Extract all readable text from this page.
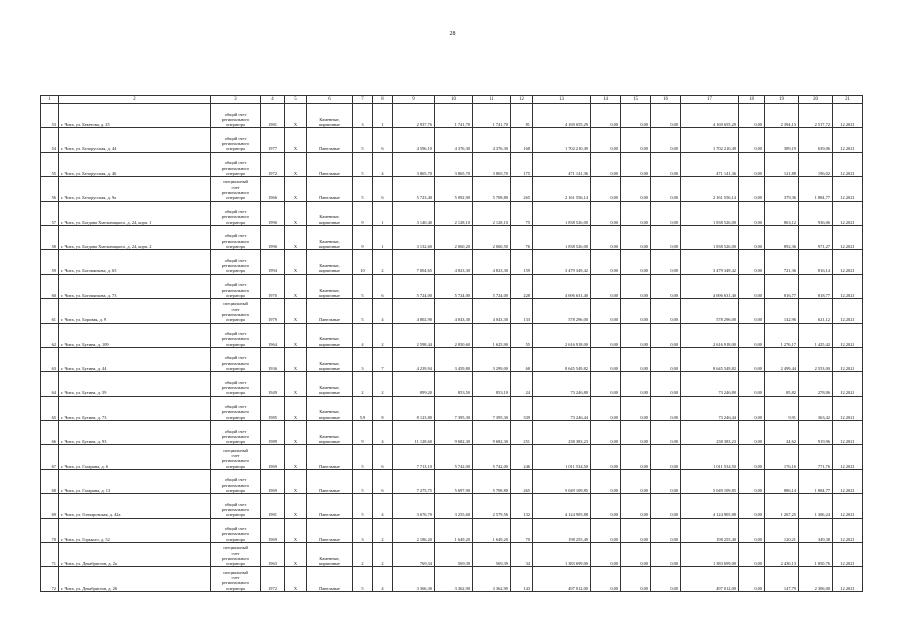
28
1	2	3	4	5	6	7	8	9	10	11	12	13	14	15	16	17	18	19	20	21
53	г. Чита, ул. Бекетова, д. 25	общий счет
регионального
оператора	1981	X	Каменные,
кирпичные	3	1	2 937,76	1 741,70	1 741,70	81	4 169 655,29	0,00	0,00	0,00	4 169 655,29	0,00	2 394,13	2 517,72	12.2021
54	г. Чита, ул. Белорусская, д. 44	общий счет
регионального
оператора	1977	X	Панельные	5	6	4 596,10	4 376,30	4 376,30	168	1 702 210,49	0,00	0,00	0,00	1 702 210,49	0,00	389,19	639,06	12.2021
55	г. Чита, ул. Белорусская, д. 46	общий счет
регионального
оператора	1972	X	Панельные	5	4	3 865,70	3 865,70	3 865,70	175	471 141,36	0,00	0,00	0,00	471 141,36	0,00	121,88	196,02	12.2021
56	г. Чита, ул. Белорусская, д. 9а	специальный
счет
регионального
оператора	1966	X	Панельные	5	6	5 723,40	5 092,90	5 708,80	265	2 161 556,14	0,00	0,00	0,00	2 161 556,14	0,00	379,36	1 884,77	12.2021
57	г. Чита, ул. Богдана Хмельницкого, д. 24, корп. 1	общий счет
регионального
оператора	1996	X	Каменные,
кирпичные	9	1	3 140,40	2 128,10	2 128,10	75	1 838 526,00	0,00	0,00	0,00	1 838 526,00	0,00	863,12	936,06	12.2021
58	г. Чита, ул. Богдана Хмельницкого, д. 24, корп. 2	общий счет
регионального
оператора	1996	X	Каменные,
кирпичные	9	1	3 132,60	2 060,20	2 060,50	76	1 838 526,00	0,00	0,00	0,00	1 838 526,00	0,00	892,36	971,27	12.2021
59	г. Чита, ул. Богомягкова, д. 65	общий счет
регионального
оператора	1994	X	Каменные,
кирпичные	10	2	7 004,65	4 823,30	4 823,30	159	3 479 349,42	0,00	0,00	0,00	3 479 349,42	0,00	721,36	816,14	12.2021
60	г. Чита, ул. Богомягкова, д. 73	общий счет
регионального
оператора	1970	X	Каменные,
кирпичные	5	6	5 724,00	5 724,00	5 724,00	228	4 696 631,40	0,00	0,00	0,00	4 696 631,40	0,00	816,77	818,77	12.2021
61	г. Чита, ул. Боровая, д. 9	специальный
счет
регионального
оператора	1979	X	Панельные	5	4	4 802,90	4 043,30	4 043,30	133	578 296,00	0,00	0,00	0,00	578 296,00	0,00	142,96	621,12	12.2021
62	г. Чита, ул. Бутина, д. 109	общий счет
регионального
оператора	1964	X	Каменные,
кирпичные	4	2	2 598,44	2 050,60	1 625,90	55	2 616 918,00	0,00	0,00	0,00	2 616 918,00	0,00	1 276,17	1 425,42	12.2021
63	г. Чита, ул. Бутина, д. 44	общий счет
регионального
оператора	1936	X	Каменные,
кирпичные	3	7	4 239,94	3 459,80	3 299,00	68	8 645 549,82	0,00	0,00	0,00	8 645 549,82	0,00	2 499,44	2 553,00	12.2021
64	г. Чита, ул. Бутина, д. 59	общий счет
регионального
оператора	1949	X	Каменные,
кирпичные	2	2	899,20	853,50	853,10	24	73 246,80	0,00	0,00	0,00	73 246,80	0,00	85,82	278,06	12.2021
65	г. Чита, ул. Бутина, д. 73	общий счет
регионального
оператора	1985	X	Каменные,
кирпичные	5,9	8	8 123,80	7 395,30	7 395,30	339	73 246,44	0,00	0,00	0,00	73 246,44	0,00	9,91	363,42	12.2021
66	г. Чита, ул. Бутина, д. 93	общий счет
регионального
оператора	1989	X	Каменные,
кирпичные	9	4	11 128,60	9 682,30	9 682,30	251	238 383,23	0,00	0,00	0,00	238 383,23	0,00	24,62	919,96	12.2021
67	г. Чита, ул. Гагарина, д. 6	специальный
счет
регионального
оператора	1969	X	Панельные	5	6	7 713,10	5 742,00	5 742,00	246	1 011 534,50	0,00	0,00	0,00	1 011 534,50	0,00	176,16	771,76	12.2021
68	г. Чита, ул. Гагарина, д. 13	общий счет
регионального
оператора	1969	X	Панельные	5	6	7 275,75	5 697,90	5 708,80	265	5 049 109,85	0,00	0,00	0,00	5 049 109,85	0,00	886,14	1 884,77	12.2021
69	г. Чита, ул. Гончаровская, д. 42а	общий счет
регионального
оператора	1981	X	Панельные	5	4	3 676,70	3 255,60	2 579,56	132	4 124 905,88	0,00	0,00	0,00	4 124 905,88	0,00	1 267,25	1 306,24	12.2021
70	г. Чита, ул. Горького, д. 52	общий счет
регионального
оператора	1969	X	Панельные	3	2	2 186,20	1 649,20	1 649,20	70	198 255,40	0,00	0,00	0,00	198 255,40	0,00	120,21	349,38	12.2021
71	г. Чита, ул. Декабристов, д. 2а	специальный
счет
регионального
оператора	1963	X	Каменные,
кирпичные	2	2	769,34	569,39	569,39	34	1 383 699,00	0,00	0,00	0,00	1 383 699,00	0,00	2 430,13	1 850,76	12.2021
72	г. Чита, ул. Декабристов, д. 26	специальный
счет
регионального
оператора	1972	X	Панельные	5	4	3 366,30	3 362,90	3 362,90	143	497 012,00	0,00	0,00	0,00	497 012,00	0,00	147,79	2 306,00	12.2021
